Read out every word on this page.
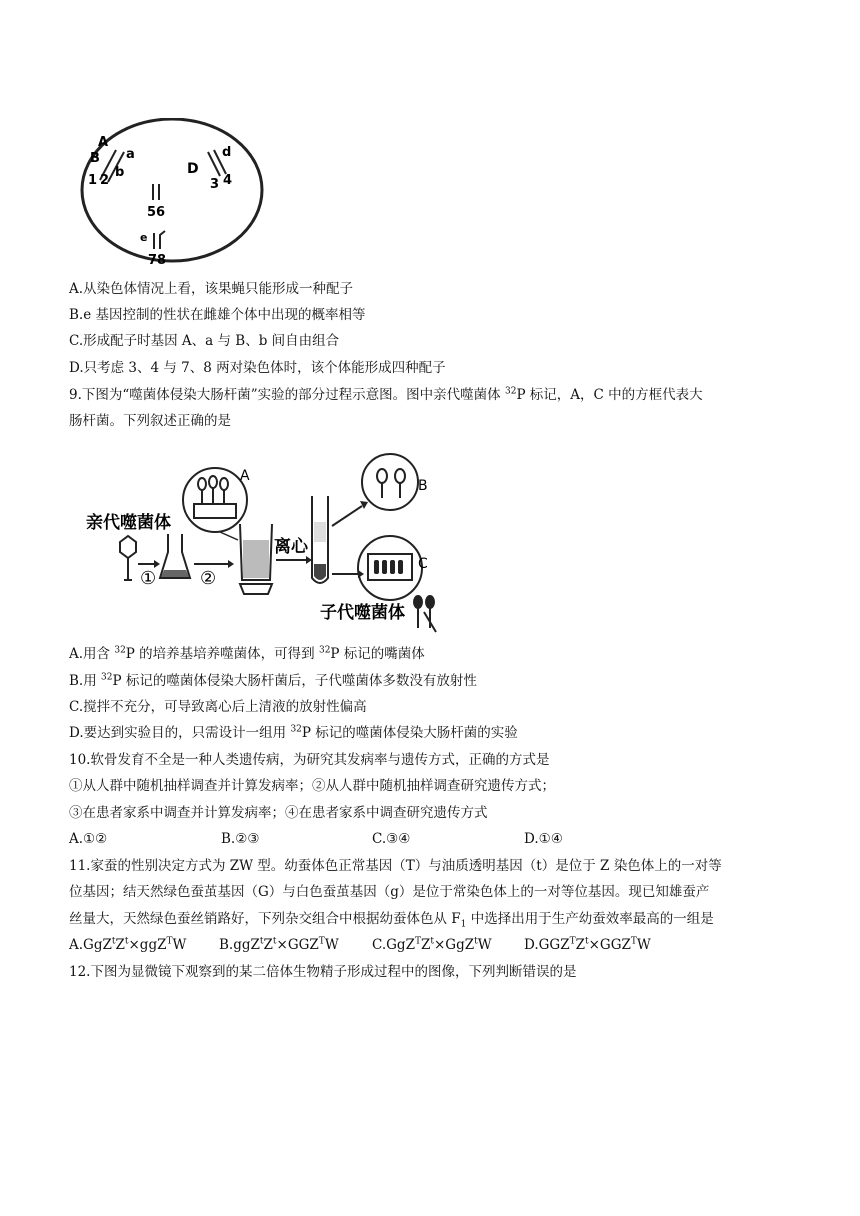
A
B a
1 2
b	D
d
3 4
56
e
78
A.从染色体情况上看，该果蝇只能形成一种配子
B.e 基因控制的性状在雌雄个体中出现的概率相等
C.形成配子时基因 A、a 与 B、b 间自由组合
D.只考虑 3、4 与 7、8 两对染色体时，该个体能形成四种配子
9.下图为“噬菌体侵染大肠杆菌”实验的部分过程示意图。图中亲代噬菌体 $^{32}$P 标记，A，C 中的方框代表大
肠杆菌。下列叙述正确的是
亲代噬菌体
① ②
A
离心
B
C
子代噬菌体
A.用含 $^{32}$P 的培养基培养噬菌体，可得到 $^{32}$P 标记的嘴菌体
B.用 $^{32}$P 标记的噬菌体侵染大肠杆菌后，子代噬菌体多数没有放射性
C.搅拌不充分，可导致离心后上清液的放射性偏高
D.要达到实验目的，只需设计一组用 $^{32}$P 标记的噬菌体侵染大肠杆菌的实验
10.软骨发育不全是一种人类遗传病，为研究其发病率与遗传方式，正确的方式是
①从人群中随机抽样调查并计算发病率；②从人群中随机抽样调查研究遗传方式；
③在患者家系中调查并计算发病率；④在患者家系中调查研究遗传方式
A.①②	B.②③	C.③④	D.①④
11.家蚕的性别决定方式为 ZW 型。幼蚕体色正常基因（T）与油质透明基因（t）是位于 Z 染色体上的一对等
位基因；结天然绿色蚕茧基因（G）与白色蚕茧基因（g）是位于常染色体上的一对等位基因。现已知雄蚕产
丝量大，天然绿色蚕丝销路好，下列杂交组合中根据幼蚕体色从 $F_1$ 中选择出用于生产幼蚕效率最高的一组是
$A.GgZ^tZ^t\times ggZ^TW$ $B.ggZ^tZ^t\times GGZ^TW$ $C.GgZ^TZ^t\times GgZ^tW$ $D.GGZ^TZ^t\times GGZ^TW$
12.下图为显微镜下观察到的某二倍体生物精子形成过程中的图像，下列判断错误的是
